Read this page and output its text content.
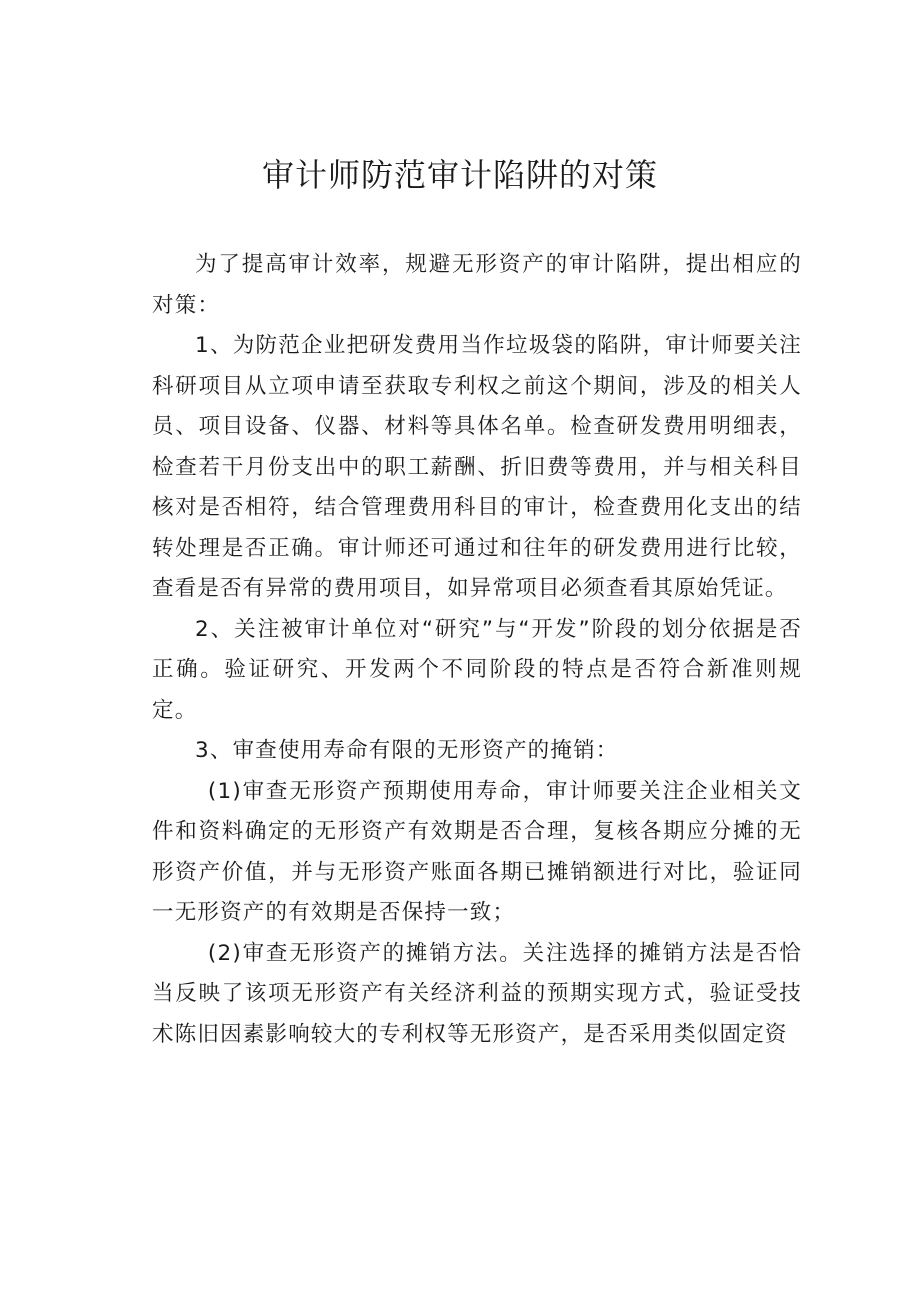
审计师防范审计陷阱的对策

为了提高审计效率，规避无形资产的审计陷阱，提出相应的对策：

1、为防范企业把研发费用当作垃圾袋的陷阱，审计师要关注科研项目从立项申请至获取专利权之前这个期间，涉及的相关人员、项目设备、仪器、材料等具体名单。检查研发费用明细表，检查若干月份支出中的职工薪酬、折旧费等费用，并与相关科目核对是否相符，结合管理费用科目的审计，检查费用化支出的结转处理是否正确。审计师还可通过和往年的研发费用进行比较，查看是否有异常的费用项目，如异常项目必须查看其原始凭证。

2、关注被审计单位对“研究”与“开发”阶段的划分依据是否正确。验证研究、开发两个不同阶段的特点是否符合新准则规定。

3、审查使用寿命有限的无形资产的掩销：

(1)审查无形资产预期使用寿命，审计师要关注企业相关文件和资料确定的无形资产有效期是否合理，复核各期应分摊的无形资产价值，并与无形资产账面各期已摊销额进行对比，验证同一无形资产的有效期是否保持一致；

(2)审查无形资产的摊销方法。关注选择的摊销方法是否恰当反映了该项无形资产有关经济利益的预期实现方式，验证受技术陈旧因素影响较大的专利权等无形资产，是否采用类似固定资
